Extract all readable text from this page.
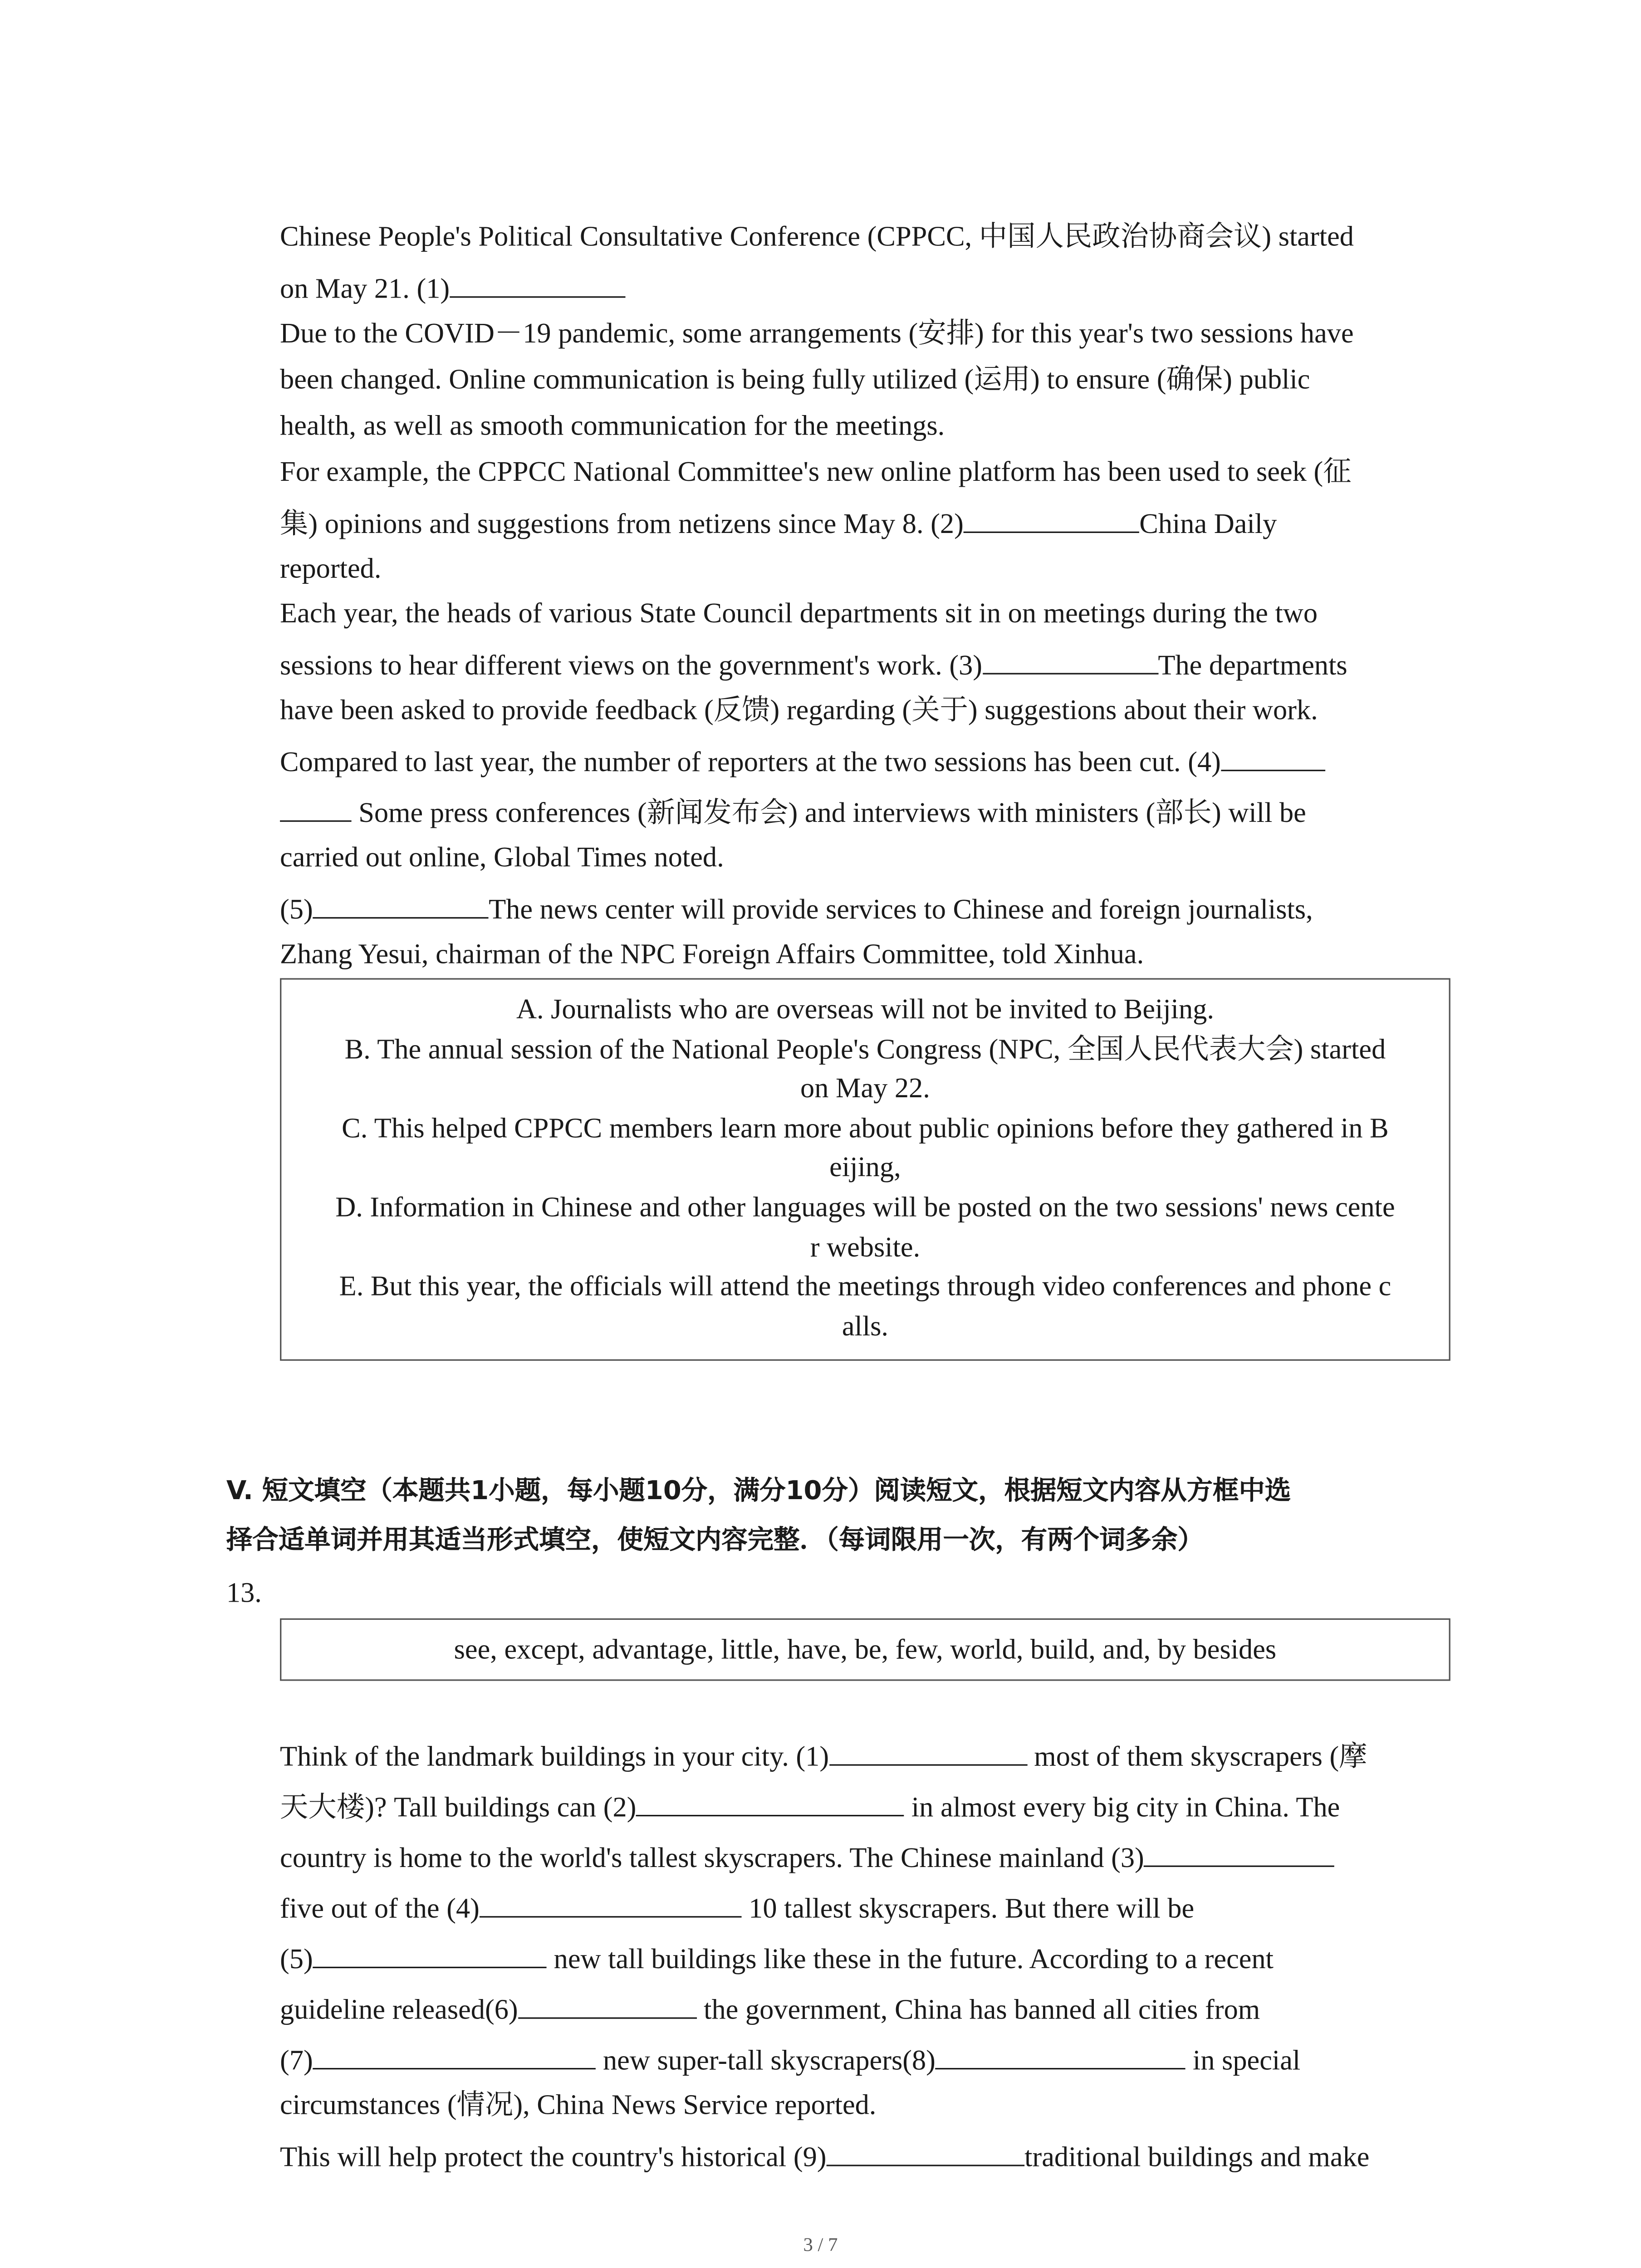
Chinese People's Political Consultative Conference (CPPCC, 中国人民政治协商会议) started
on May 21. (1)
Due to the COVID－19 pandemic, some arrangements (安排) for this year's two sessions have
been changed. Online communication is being fully utilized (运用) to ensure (确保) public
health, as well as smooth communication for the meetings.
For example, the CPPCC National Committee's new online platform has been used to seek (征
集) opinions and suggestions from netizens since May 8. (2)	China Daily
reported.
Each year, the heads of various State Council departments sit in on meetings during the two
sessions to hear different views on the government's work. (3)	The departments
have been asked to provide feedback (反馈) regarding (关于) suggestions about their work.
Compared to last year, the number of reporters at the two sessions has been cut. (4)
Some press conferences (新闻发布会) and interviews with ministers (部长) will be
carried out online, Global Times noted.
(5)	The news center will provide services to Chinese and foreign journalists,
Zhang Yesui, chairman of the NPC Foreign Affairs Committee, told Xinhua.
A. Journalists who are overseas will not be invited to Beijing.
B. The annual session of the National People's Congress (NPC, 全国人民代表大会) started
on May 22.
C. This helped CPPCC members learn more about public opinions before they gathered in B
eijing,
D. Information in Chinese and other languages will be posted on the two sessions' news cente
r website.
E. But this year, the officials will attend the meetings through video conferences and phone c
alls.
V. 短文填空（本题共1小题，每小题10分，满分10分）阅读短文，根据短文内容从方框中选
择合适单词并用其适当形式填空，使短文内容完整．（每词限用一次，有两个词多余）
13.
see, except, advantage, little, have, be, few, world, build, and, by besides
Think of the landmark buildings in your city. (1)	most of them skyscrapers (摩
天大楼)? Tall buildings can (2)	in almost every big city in China. The
country is home to the world's tallest skyscrapers. The Chinese mainland (3)
five out of the (4)	10 tallest skyscrapers. But there will be
(5)	new tall buildings like these in the future. According to a recent
guideline released(6)	the government, China has banned all cities from
(7)	new super-tall skyscrapers(8)	in special
circumstances (情况), China News Service reported.
This will help protect the country's historical (9)	traditional buildings and make
3 / 7
